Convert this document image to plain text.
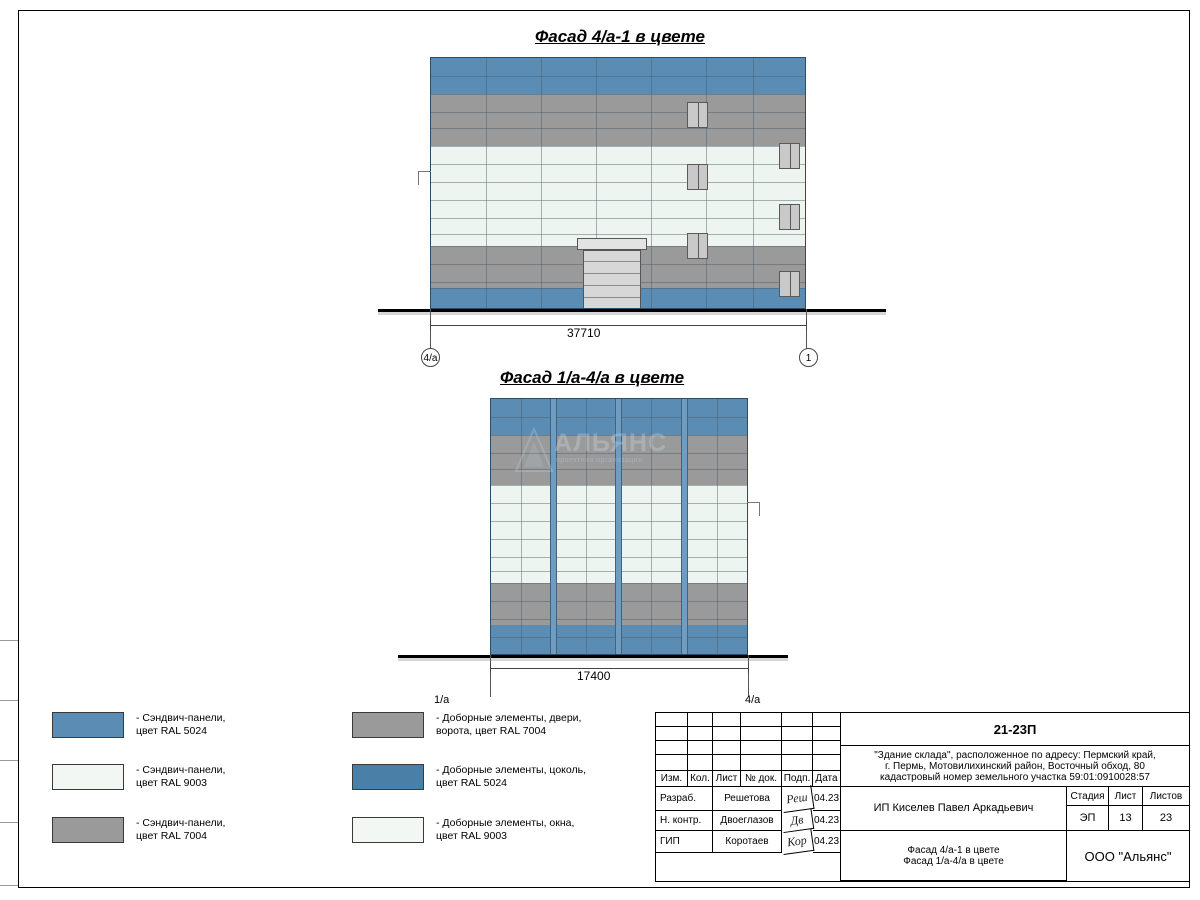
Фасад 4/а-1 в цвете
37710
4/а	1
Фасад 1/а-4/а в цвете
АЛЬЯНС
проектная организация
17400
1/а	4/а
- Сэндвич-панели,
цвет RAL 5024
- Сэндвич-панели,
цвет RAL 9003
- Сэндвич-панели,
цвет RAL 7004
- Доборные элементы, двери,
ворота, цвет RAL 7004
- Доборные элементы, цоколь,
цвет RAL 5024
- Доборные элементы, окна,
цвет RAL 9003
Изм. Кол. Лист № док. Подп. Дата
Разраб.	Решетова	Реш 04.23
Н. контр.	Двоеглазов	Дв 04.23
ГИП	Коротаев	Кор 04.23
21-23П
"Здание склада", расположенное по адресу: Пермский край,
г. Пермь, Мотовилихинский район, Восточный обход, 80
кадастровый номер земельного участка 59:01:0910028:57
ИП Киселев Павел Аркадьевич
Фасад 4/а-1 в цвете
Фасад 1/а-4/а в цвете
Стадия	Лист	Листов
ЭП	13	23
ООО "Альянс"
